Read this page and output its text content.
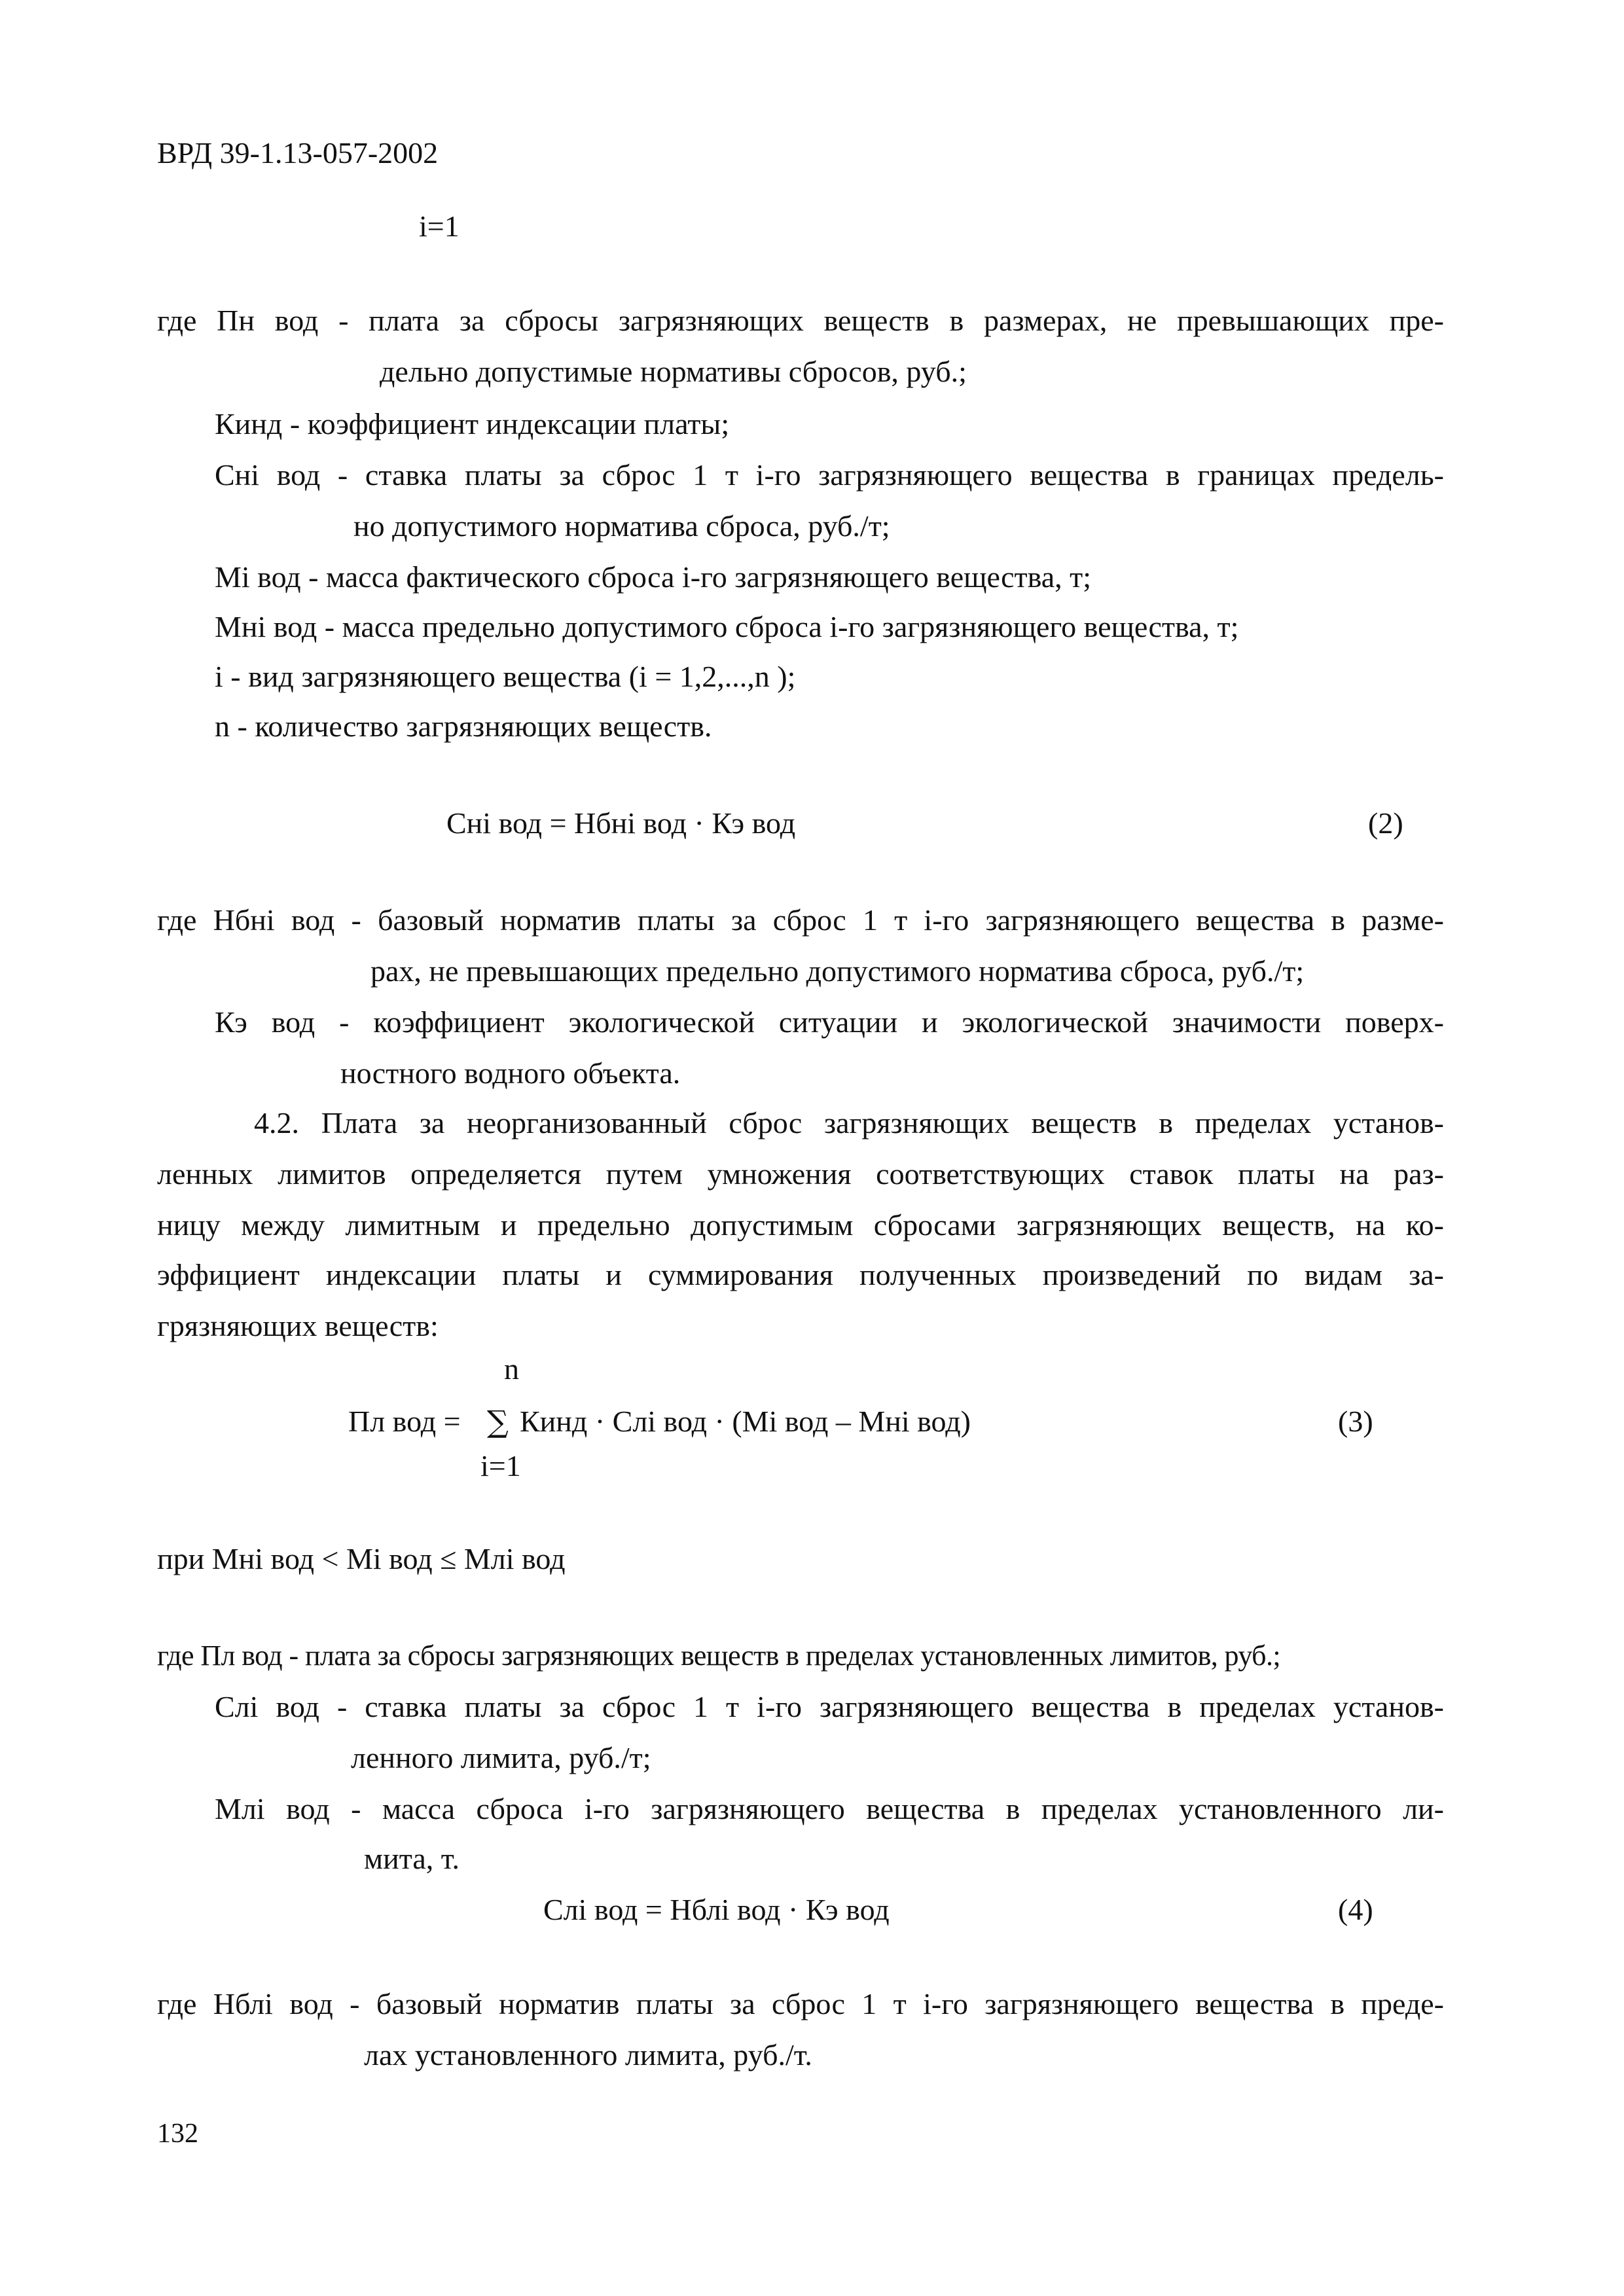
ВРД 39-1.13-057-2002
i=1
где Пн вод - плата за сбросы загрязняющих веществ в размерах, не превышающих пре-
дельно допустимые нормативы сбросов, руб.;
Кинд - коэффициент индексации платы;
Снi вод - ставка платы за сброс 1 т i-го загрязняющего вещества в границах предель-
но допустимого норматива сброса, руб./т;
Мi вод - масса фактического сброса i-го загрязняющего вещества, т;
Мнi вод - масса предельно допустимого сброса i-го загрязняющего вещества, т;
i - вид загрязняющего вещества (i = 1,2,...,n );
n - количество загрязняющих веществ.
Снi вод = Нбнi вод · Кэ вод	(2)
где Нбнi вод - базовый норматив платы за сброс 1 т i-го загрязняющего вещества в разме-
рах, не превышающих предельно допустимого норматива сброса, руб./т;
Кэ вод - коэффициент экологической ситуации и экологической значимости поверх-
ностного водного объекта.
4.2. Плата за неорганизованный сброс загрязняющих веществ в пределах установ-
ленных лимитов определяется путем умножения соответствующих ставок платы на раз-
ницу между лимитным и предельно допустимым сбросами загрязняющих веществ, на ко-
эффициент индексации платы и суммирования полученных произведений по видам за-
грязняющих веществ:
n
Пл вод = ∑ Кинд · Слi вод · (Мi вод – Мнi вод)	(3)
i=1
при Мнi вод < Мi вод ≤ Млi вод
где Пл вод - плата за сбросы загрязняющих веществ в пределах установленных лимитов, руб.;
Слi вод - ставка платы за сброс 1 т i-го загрязняющего вещества в пределах установ-
ленного лимита, руб./т;
Млi вод - масса сброса i-го загрязняющего вещества в пределах установленного ли-
мита, т.
Слi вод = Нблi вод · Кэ вод	(4)
где Нблi вод - базовый норматив платы за сброс 1 т i-го загрязняющего вещества в преде-
лах установленного лимита, руб./т.
132
